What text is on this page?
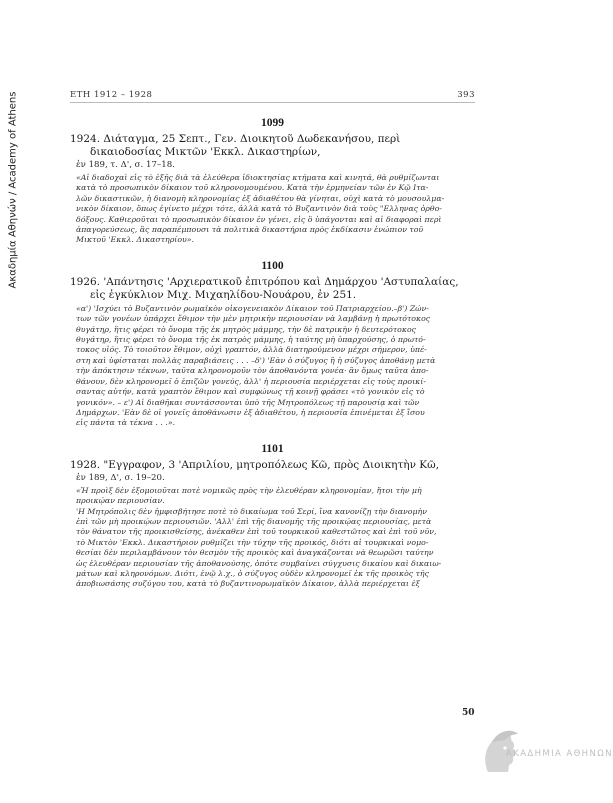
Ακαδημία Αθηνών / Academy of Athens	ΕΤΗ 1912 – 1928	393
1099

1924. Διάταγμα, 25 Σεπτ., Γεν. Διοικητοῦ Δωδεκανήσου, περὶ
δικαιοδοσίας Μικτῶν 'Εκκλ. Δικαστηρίων,

ἐν 189, τ. Δ', σ. 17–18.
«Αἱ διαδοχαὶ εἰς τὸ ἑξῆς διὰ τὰ ἐλεύθερα ἰδιοκτησίας κτήματα καὶ κινητά, θὰ ρυθμίζωνται
κατὰ τὸ προσωπικὸν δίκαιον τοῦ κληρονομουμένου. Κατὰ τὴν ἑρμηνείαν τῶν ἐν Κῷ Ιτα-
λῶν δικαστικῶν, ἡ διανομὴ κληρονομίας ἐξ ἀδιαθέτου θὰ γίνηται, οὐχὶ κατὰ τὸ μουσουλμα-
νικὸν δίκαιον, ὅπως ἐγίνετο μέχρι τότε, ἀλλὰ κατὰ τὸ Βυζαντινὸν διὰ τοὺς "Ελληνας ὀρθο-
δόξους. Καθιεροῦται τὸ προσωπικὸν δίκαιον ἐν γένει, εἰς ὃ ὑπάγονται καὶ αἱ διαφοραὶ περὶ
ἀπαγορεύσεως, ἃς παραπέμπουσι τὰ πολιτικὰ δικαστήρια πρὸς ἐκδίκασιν ἐνώπιον τοῦ
Μικτοῦ 'Εκκλ. Δικαστηρίου».
1100

1926. 'Απάντησις 'Αρχιερατικοῦ ἐπιτρόπου καὶ Δημάρχου 'Αστυπαλαίας,
εἰς ἐγκύκλιον Μιχ. Μιχαηλίδου-Νουάρου, ἐν 251.

«α') 'Ισχύει τὸ Βυζαντινὸν ρωμαϊκὸν οἰκογενειακὸν Δίκαιον τοῦ Πατριαρχείου.–β') Ζών-
των τῶν γονέων ὑπάρχει ἔθιμον τὴν μὲν μητρικὴν περιουσίαν νὰ λαμβάνῃ ἡ πρωτότοκος
θυγάτηρ, ἥτις φέρει τὸ ὄνομα τῆς ἐκ μητρὸς μάμμης, τὴν δὲ πατρικὴν ἡ δευτερότοκος
θυγάτηρ, ἥτις φέρει τὸ ὄνομα τῆς ἐκ πατρὸς μάμμης, ἡ ταύτης μὴ ὑπαρχούσης, ὁ πρωτό-
τοκος υἱός. Τὸ τοιοῦτον ἔθιμον, οὐχὶ γραπτόν, ἀλλὰ διατηρούμενον μέχρι σήμερον, ὑπέ-
στη καὶ ὑφίσταται πολλὰς παραβιάσεις . . . –δ') 'Εὰν ὁ σύζυγος ἢ ἡ σύζυγος ἀποθάνῃ μετὰ
τὴν ἀπόκτησιν τέκνων, ταῦτα κληρονομοῦν τὸν ἀποθανόντα γονέα· ἂν ὅμως ταῦτα ἀπο-
θάνουν, δὲν κληρονομεῖ ὁ ἐπιζῶν γονεύς, ἀλλ' ἡ περιουσία περιέρχεται εἰς τοὺς προικί-
σαντας αὐτήν, κατὰ γραπτὸν ἔθιμον καὶ συμφώνως τῇ κοινῇ φράσει «τὸ γονικὸν εἰς τὸ
γονικόν». – ε') Αἱ διαθῆκαι συντάσσονται ὑπὸ τῆς Μητροπόλεως τῇ παρουσίᾳ καὶ τῶν
Δημάρχων. 'Εὰν δὲ οἱ γονεῖς ἀποθάνωσιν ἐξ ἀδιαθέτου, ἡ περιουσία ἐπινέμεται ἐξ ἴσου
εἰς πάντα τὰ τέκνα . . .».
1101

1928. "Εγγραφον, 3 'Απριλίου, μητροπόλεως Κῶ, πρὸς Διοικητὴν Κῶ,

ἐν 189, Δ', σ. 19–20.
«Ἡ προὶξ δὲν ἐξομοιοῦται ποτὲ νομικῶς πρὸς τὴν ἐλευθέραν κληρονομίαν, ἤτοι τὴν μὴ
προικῴαν περιουσίαν.
'Η Μητρόπολις δὲν ἠμφισβήτησε ποτὲ τὸ δικαίωμα τοῦ Σερί, ἵνα κανονίζῃ τὴν διανομὴν
ἐπὶ τῶν μὴ προικῴων περιουσιῶν. 'Αλλ' ἐπὶ τῆς διανομῆς τῆς προικῴας περιουσίας, μετὰ
τὸν θάνατον τῆς προικισθείσης, ἀνέκαθεν ἐπὶ τοῦ τουρκικοῦ καθεστῶτος καὶ ἐπὶ τοῦ νῦν,
τὸ Μικτὸν 'Εκκλ. Δικαστήριον ρυθμίζει τὴν τύχην τῆς προικός, διότι αἱ τουρκικαὶ νομο-
θεσίαι δὲν περιλαμβάνουν τὸν θεσμὸν τῆς προικὸς καὶ ἀναγκάζονται νὰ θεωρῶσι ταύτην
ὡς ἐλευθέραν περιουσίαν τῆς ἀποθανούσης, ὁπότε συμβαίνει σύγχυσις δικαίου καὶ δικαιω-
μάτων καὶ κληρονόμων. Διότι, ἐνῷ λ.χ., ὁ σύζυγος οὐδὲν κληρονομεῖ ἐκ τῆς προικὸς τῆς
ἀποβιωσάσης συζύγου του, κατὰ τὸ βυζαντινορωμαϊκὸν Δίκαιον, ἀλλὰ περιέρχεται ἐξ
50
ΑΚΑΔΗΜΙΑ ΑΘΗΝΩΝ
